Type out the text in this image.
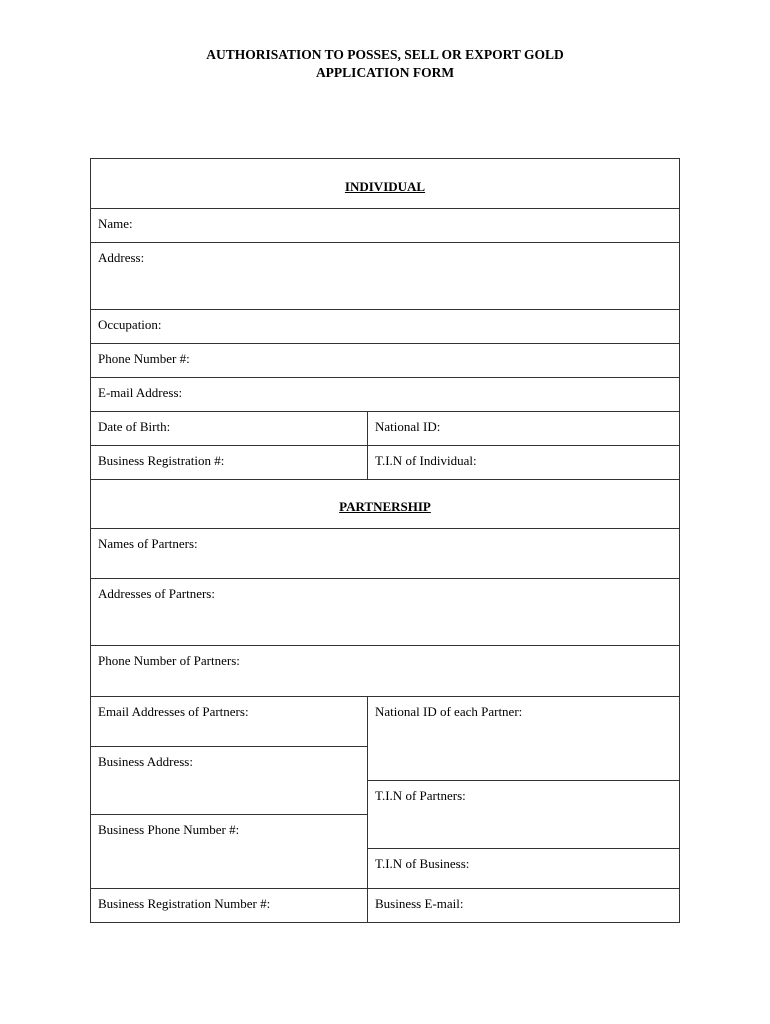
AUTHORISATION TO POSSES, SELL OR EXPORT GOLD
APPLICATION FORM
INDIVIDUAL	
Name:	
Address:	
Occupation:	
Phone Number #:	
E-mail Address:	
Date of Birth:	National ID:
Business Registration #:	T.I.N of Individual:
PARTNERSHIP	
Names of Partners:	
Addresses of Partners:	
Phone Number of Partners:	
Email Addresses of Partners:	National ID of each Partner:
Business Address:	
	T.I.N of Partners:
Business Phone Number #:	
	T.I.N of Business:
Business Registration Number #:	Business E-mail:
